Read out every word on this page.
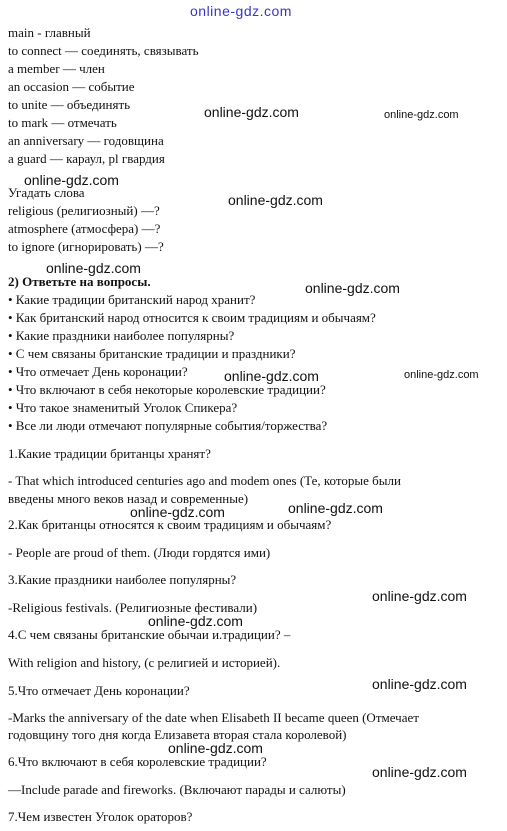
online-gdz.com
main - главный
to connect — соединять, связывать
a member — член
an occasion — событие
to unite — объединять
to mark — отмечать
an anniversary — годовщина
a guard — караул, pl гвардия
Угадать слова
religious (религиозный) —?
atmosphere (атмосфера) —?
to ignore (игнорировать) —?
2) Ответьте на вопросы.
• Какие традиции британский народ хранит?
• Как британский народ относится к своим традициям и обычаям?
• Какие праздники наиболее популярны?
• С чем связаны британские традиции и праздники?
• Что отмечает День коронации?
• Что включают в себя некоторые королевские традиции?
• Что такое знаменитый Уголок Спикера?
• Все ли люди отмечают популярные события/торжества?
1.Какие традиции британцы хранят?
- That which introduced centuries ago and modem ones (Те, которые были
введены много веков назад и современные)
2.Как британцы относятся к своим традициям и обычаям?
- People are proud of them. (Люди гордятся ими)
3.Какие праздники наиболее популярны?
-Religious festivals. (Религиозные фестивали)
4.С чем связаны британские обычаи и.традиции? –
With religion and history, (с религией и историей).
5.Что отмечает День коронации?
-Marks the anniversary of the date when Elisabeth II became queen (Отмечает
годовщину того дня когда Елизавета вторая стала королевой)
6.Что включают в себя королевские традиции?
—Include parade and fireworks. (Включают парады и салюты)
7.Чем известен Уголок ораторов?
online-gdz.com	online-gdz.com
online-gdz.com
online-gdz.com
online-gdz.com
online-gdz.com
online-gdz.com	online-gdz.com
online-gdz.com
online-gdz.com
online-gdz.com
online-gdz.com
online-gdz.com
online-gdz.com
online-gdz.com
